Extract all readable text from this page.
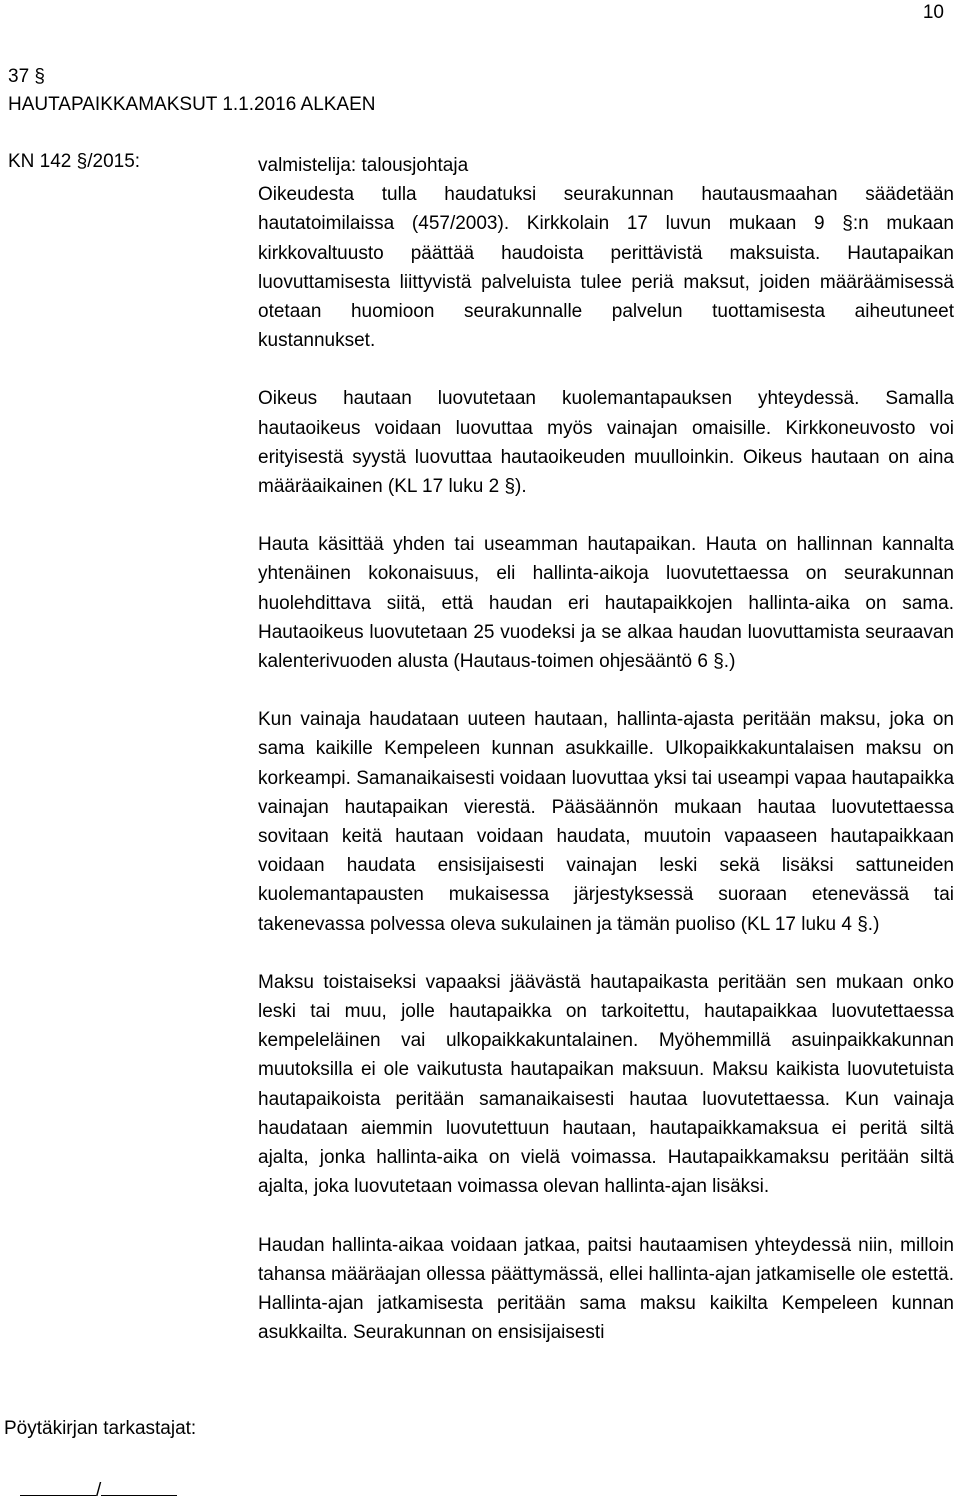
10
37 §
HAUTAPAIKKAMAKSUT 1.1.2016 ALKAEN
KN 142 §/2015:	valmistelija: talousjohtaja

Oikeudesta tulla haudatuksi seurakunnan hautausmaahan säädetään hautatoimilaissa (457/2003). Kirkkolain 17 luvun mukaan 9 §:n mukaan kirkkovaltuusto päättää haudoista perittävistä maksuista. Hautapaikan luovuttamisesta liittyvistä palveluista tulee periä maksut, joiden määräämisessä otetaan huomioon seurakunnalle palvelun tuottamisesta aiheutuneet kustannukset.

Oikeus hautaan luovutetaan kuolemantapauksen yhteydessä. Samalla hautaoikeus voidaan luovuttaa myös vainajan omaisille. Kirkkoneuvosto voi erityisestä syystä luovuttaa hautaoikeuden muulloinkin. Oikeus hautaan on aina määräaikainen (KL 17 luku 2 §).

Hauta käsittää yhden tai useamman hautapaikan. Hauta on hallinnan kannalta yhtenäinen kokonaisuus, eli hallinta-aikoja luovutettaessa on seurakunnan huolehdittava siitä, että haudan eri hautapaikkojen hallinta-aika on sama. Hautaoikeus luovutetaan 25 vuodeksi ja se alkaa haudan luovuttamista seuraavan kalenterivuoden alusta (Hautaus-toimen ohjesääntö 6 §.)

Kun vainaja haudataan uuteen hautaan, hallinta-ajasta peritään maksu, joka on sama kaikille Kempeleen kunnan asukkaille. Ulkopaikkakuntalaisen maksu on korkeampi. Samanaikaisesti voidaan luovuttaa yksi tai useampi vapaa hautapaikka vainajan hautapaikan vierestä. Pääsäännön mukaan hautaa luovutettaessa sovitaan keitä hautaan voidaan haudata, muutoin vapaaseen hautapaikkaan voidaan haudata ensisijaisesti vainajan leski sekä lisäksi sattuneiden kuolemantapausten mukaisessa järjestyksessä suoraan etenevässä tai takenevassa polvessa oleva sukulainen ja tämän puoliso (KL 17 luku 4 §.)

Maksu toistaiseksi vapaaksi jäävästä hautapaikasta peritään sen mukaan onko leski tai muu, jolle hautapaikka on tarkoitettu, hautapaikkaa luovutettaessa kempeleläinen vai ulkopaikkakuntalainen. Myöhemmillä asuinpaikkakunnan muutoksilla ei ole vaikutusta hautapaikan maksuun. Maksu kaikista luovutetuista hautapaikoista peritään samanaikaisesti hautaa luovutettaessa. Kun vainaja haudataan aiemmin luovutettuun hautaan, hautapaikkamaksua ei peritä siltä ajalta, jonka hallinta-aika on vielä voimassa. Hautapaikkamaksu peritään siltä ajalta, joka luovutetaan voimassa olevan hallinta-ajan lisäksi.

Haudan hallinta-aikaa voidaan jatkaa, paitsi hautaamisen yhteydessä niin, milloin tahansa määräajan ollessa päättymässä, ellei hallinta-ajan jatkamiselle ole estettä. Hallinta-ajan jatkamisesta peritään sama maksu kaikilta Kempeleen kunnan asukkailta. Seurakunnan on ensisijaisesti

Pöytäkirjan tarkastajat:
/
